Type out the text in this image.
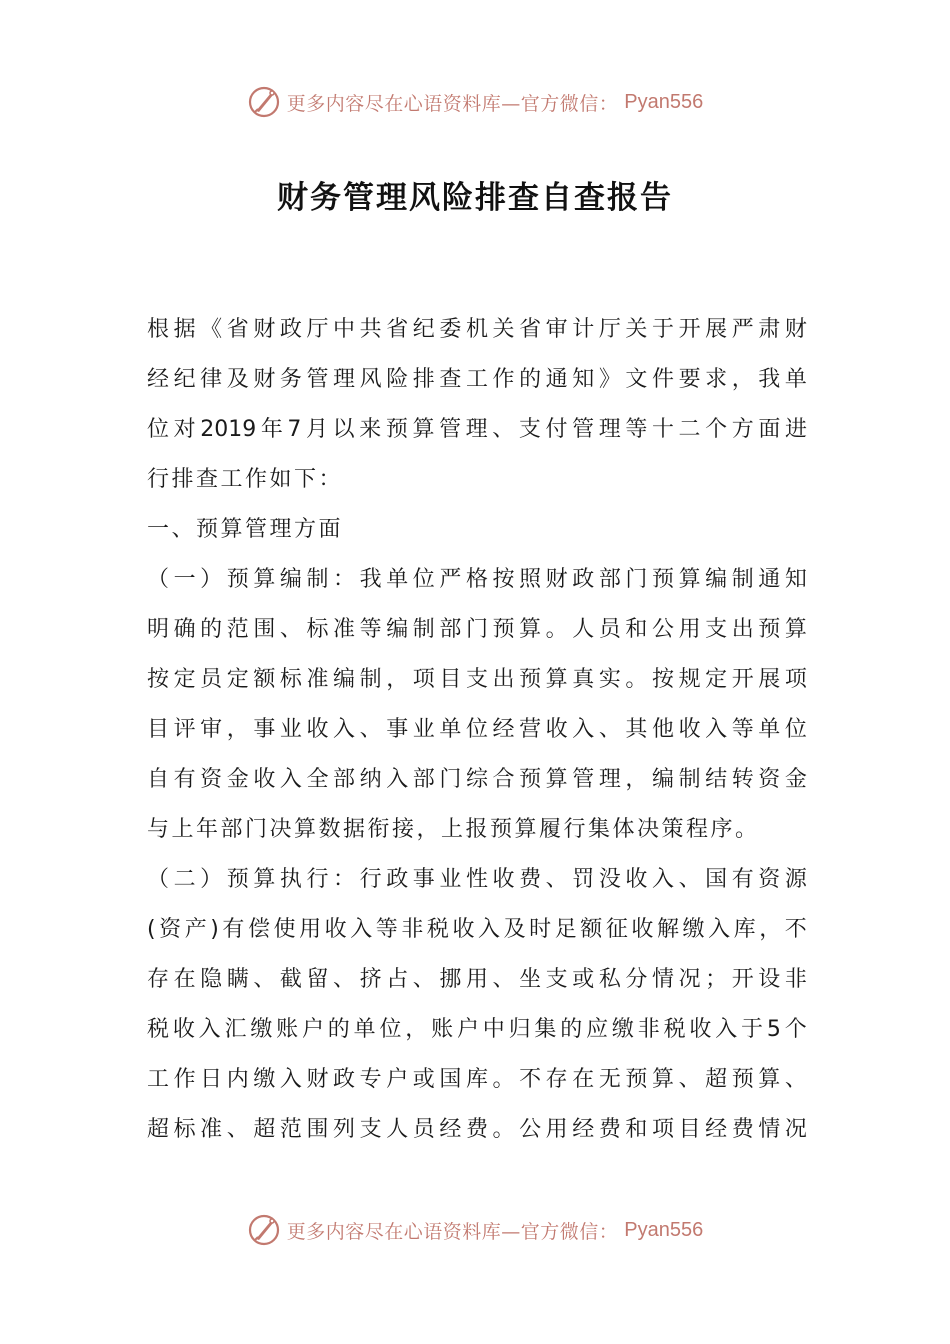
更多内容尽在心语资料库—官方微信： Pyan556
财务管理风险排查自查报告
根 据 《 省 财 政 厅 中 共 省 纪 委 机 关 省 审 计 厅 关 于 开 展 严 肃 财
经 纪 律 及 财 务 管 理 风 险 排 查 工 作 的 通 知 》 文 件 要 求 ， 我 单
位 对 2019 年 7 月 以 来 预 算 管 理 、 支 付 管 理 等 十 二 个 方 面 进
行排查工作如下：
一、预算管理方面
（ 一 ） 预 算 编 制 ： 我 单 位 严 格 按 照 财 政 部 门 预 算 编 制 通 知
明 确 的 范 围 、 标 准 等 编 制 部 门 预 算 。 人 员 和 公 用 支 出 预 算
按 定 员 定 额 标 准 编 制 ， 项 目 支 出 预 算 真 实 。 按 规 定 开 展 项
目 评 审 ， 事 业 收 入 、 事 业 单 位 经 营 收 入 、 其 他 收 入 等 单 位
自 有 资 金 收 入 全 部 纳 入 部 门 综 合 预 算 管 理 ， 编 制 结 转 资 金
与上年部门决算数据衔接，上报预算履行集体决策程序。
（ 二 ） 预 算 执 行 ： 行 政 事 业 性 收 费 、 罚 没 收 入 、 国 有 资 源
( 资 产 ) 有 偿 使 用 收 入 等 非 税 收 入 及 时 足 额 征 收 解 缴 入 库 ， 不
存 在 隐 瞒 、 截 留 、 挤 占 、 挪 用 、 坐 支 或 私 分 情 况 ； 开 设 非
税 收 入 汇 缴 账 户 的 单 位 ， 账 户 中 归 集 的 应 缴 非 税 收 入 于 5 个
工 作 日 内 缴 入 财 政 专 户 或 国 库 。 不 存 在 无 预 算 、 超 预 算 、
超 标 准 、 超 范 围 列 支 人 员 经 费 。 公 用 经 费 和 项 目 经 费 情 况
更多内容尽在心语资料库—官方微信： Pyan556
